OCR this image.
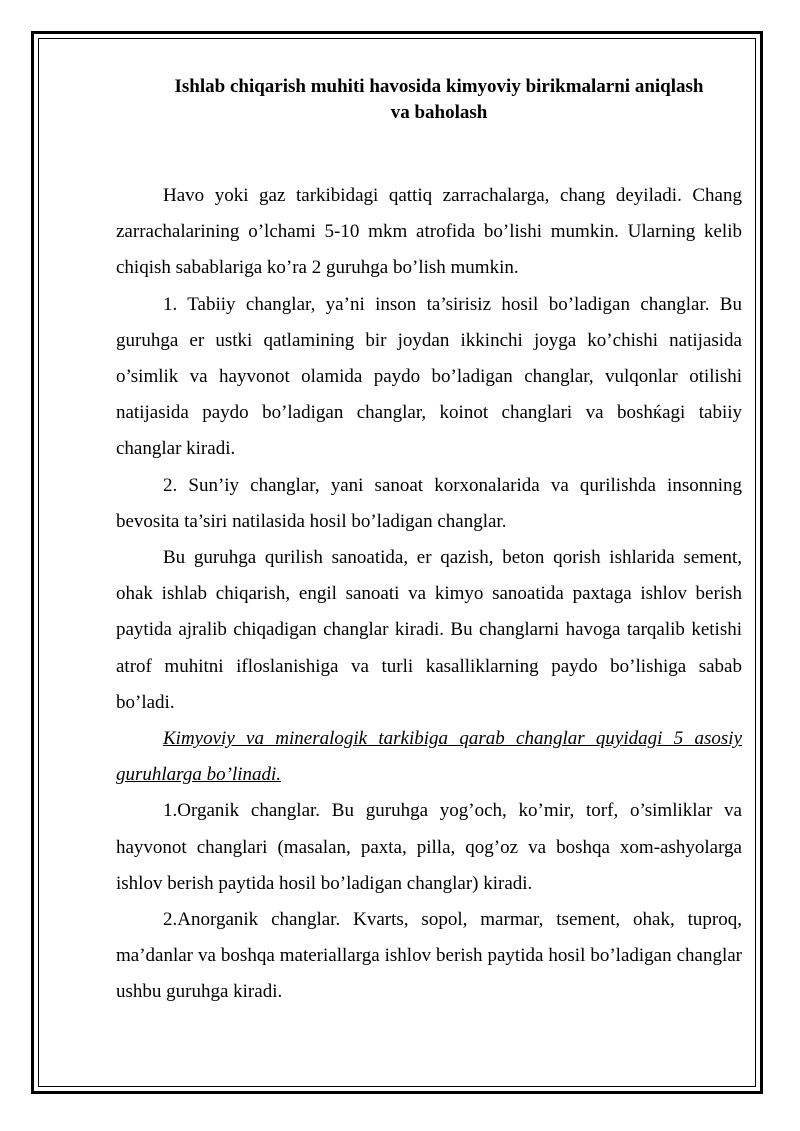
Ishlab chiqarish muhiti havosida kimyoviy birikmalarni aniqlash
va baholash

Havo yoki gaz tarkibidagi qattiq zarrachalarga, chang deyiladi. Chang zarrachalarining o’lchami 5-10 mkm atrofida bo’lishi mumkin. Ularning kelib chiqish sabablariga ko’ra 2 guruhga bo’lish mumkin.

1. Tabiiy changlar, ya’ni inson ta’sirisiz hosil bo’ladigan changlar. Bu guruhga er ustki qatlamining bir joydan ikkinchi joyga ko’chishi natijasida o’simlik va hayvonot olamida paydo bo’ladigan changlar, vulqonlar otilishi natijasida paydo bo’ladigan changlar, koinot changlari va boshќagi tabiiy changlar kiradi.

2. Sun’iy changlar, yani sanoat korxonalarida va qurilishda insonning bevosita ta’siri natilasida hosil bo’ladigan changlar.

Bu guruhga qurilish sanoatida, er qazish, beton qorish ishlarida sement, ohak ishlab chiqarish, engil sanoati va kimyo sanoatida paxtaga ishlov berish paytida ajralib chiqadigan changlar kiradi. Bu changlarni havoga tarqalib ketishi atrof muhitni ifloslanishiga va turli kasalliklarning paydo bo’lishiga sabab bo’ladi.

Kimyoviy va mineralogik tarkibiga qarab changlar quyidagi 5 asosiy guruhlarga bo’linadi.

1.Organik changlar. Bu guruhga yog’och, ko’mir, torf, o’simliklar va hayvonot changlari (masalan, paxta, pilla, qog’oz va boshqa xom-ashyolarga ishlov berish paytida hosil bo’ladigan changlar) kiradi.

2.Anorganik changlar. Kvarts, sopol, marmar, tsement, ohak, tuproq, ma’danlar va boshqa materiallarga ishlov berish paytida hosil bo’ladigan changlar ushbu guruhga kiradi.
